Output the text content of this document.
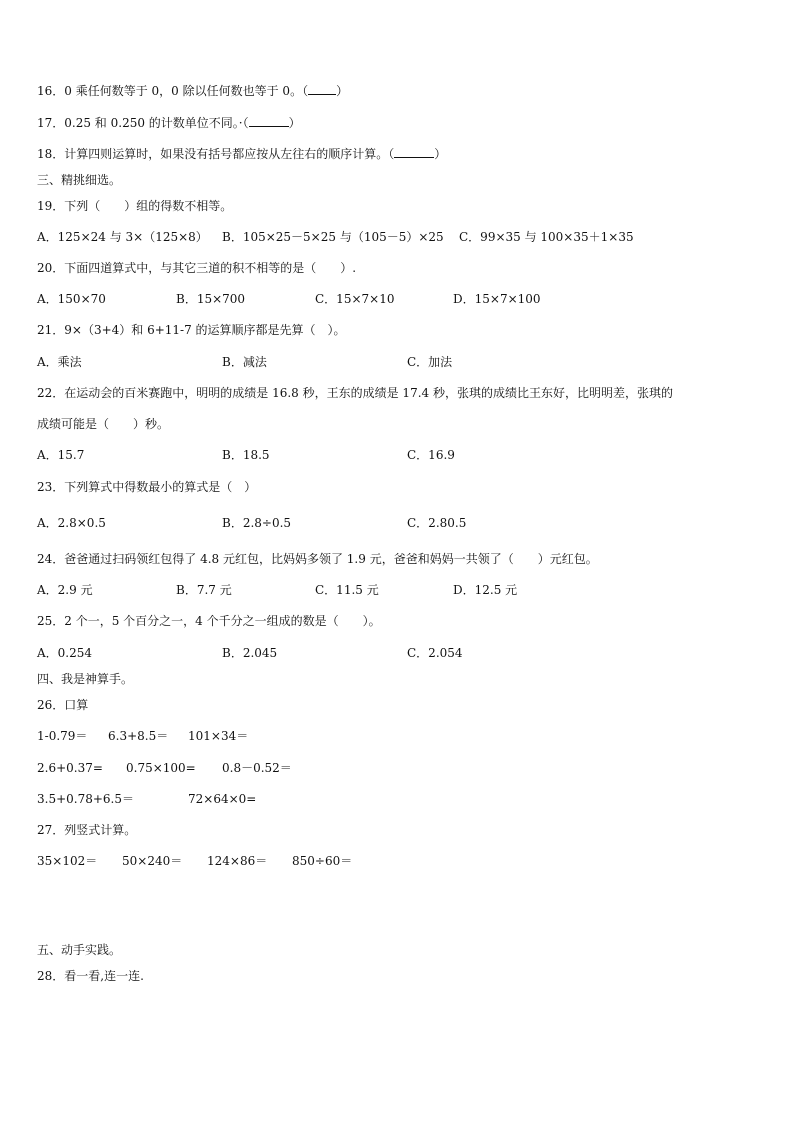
16．0 乘任何数等于 0，0 除以任何数也等于 0。（ ）
17．0.25 和 0.250 的计数单位不同。·（	）
18．计算四则运算时，如果没有括号都应按从左往右的顺序计算。（	）
三、精挑细选。
19．下列（　　）组的得数不相等。
A．125×24 与 3×（125×8） B．105×25－5×25 与（105－5）×25 C．99×35 与 100×35＋1×35
20．下面四道算式中，与其它三道的积不相等的是（　　）.
A．150×70	B．15×700	C．15×7×10	D．15×7×100
21．9×（3+4）和 6+11-7 的运算顺序都是先算（　）。
A．乘法	B．减法	C．加法
22．在运动会的百米赛跑中，明明的成绩是 16.8 秒，王东的成绩是 17.4 秒，张琪的成绩比王东好，比明明差，张琪的
成绩可能是（　　）秒。
A．15.7	B．18.5	C．16.9
23．下列算式中得数最小的算式是（　）
A．2.8×0.5	B．2.8÷0.5	C．2.80.5
24．爸爸通过扫码领红包得了 4.8 元红包，比妈妈多领了 1.9 元，爸爸和妈妈一共领了（　　）元红包。
A．2.9 元	B．7.7 元	C．11.5 元	D．12.5 元
25．2 个一，5 个百分之一，4 个千分之一组成的数是（　　）。
A．0.254	B．2.045	C．2.054
四、我是神算手。
26．口算
1-0.79＝ 6.3+8.5＝ 101×34＝
2.6+0.37= 0.75×100= 0.8－0.52＝
3.5+0.78+6.5＝	72×64×0=
27．列竖式计算。
35×102＝ 50×240＝ 124×86＝ 850÷60＝
五、动手实践。
28．看一看,连一连.
